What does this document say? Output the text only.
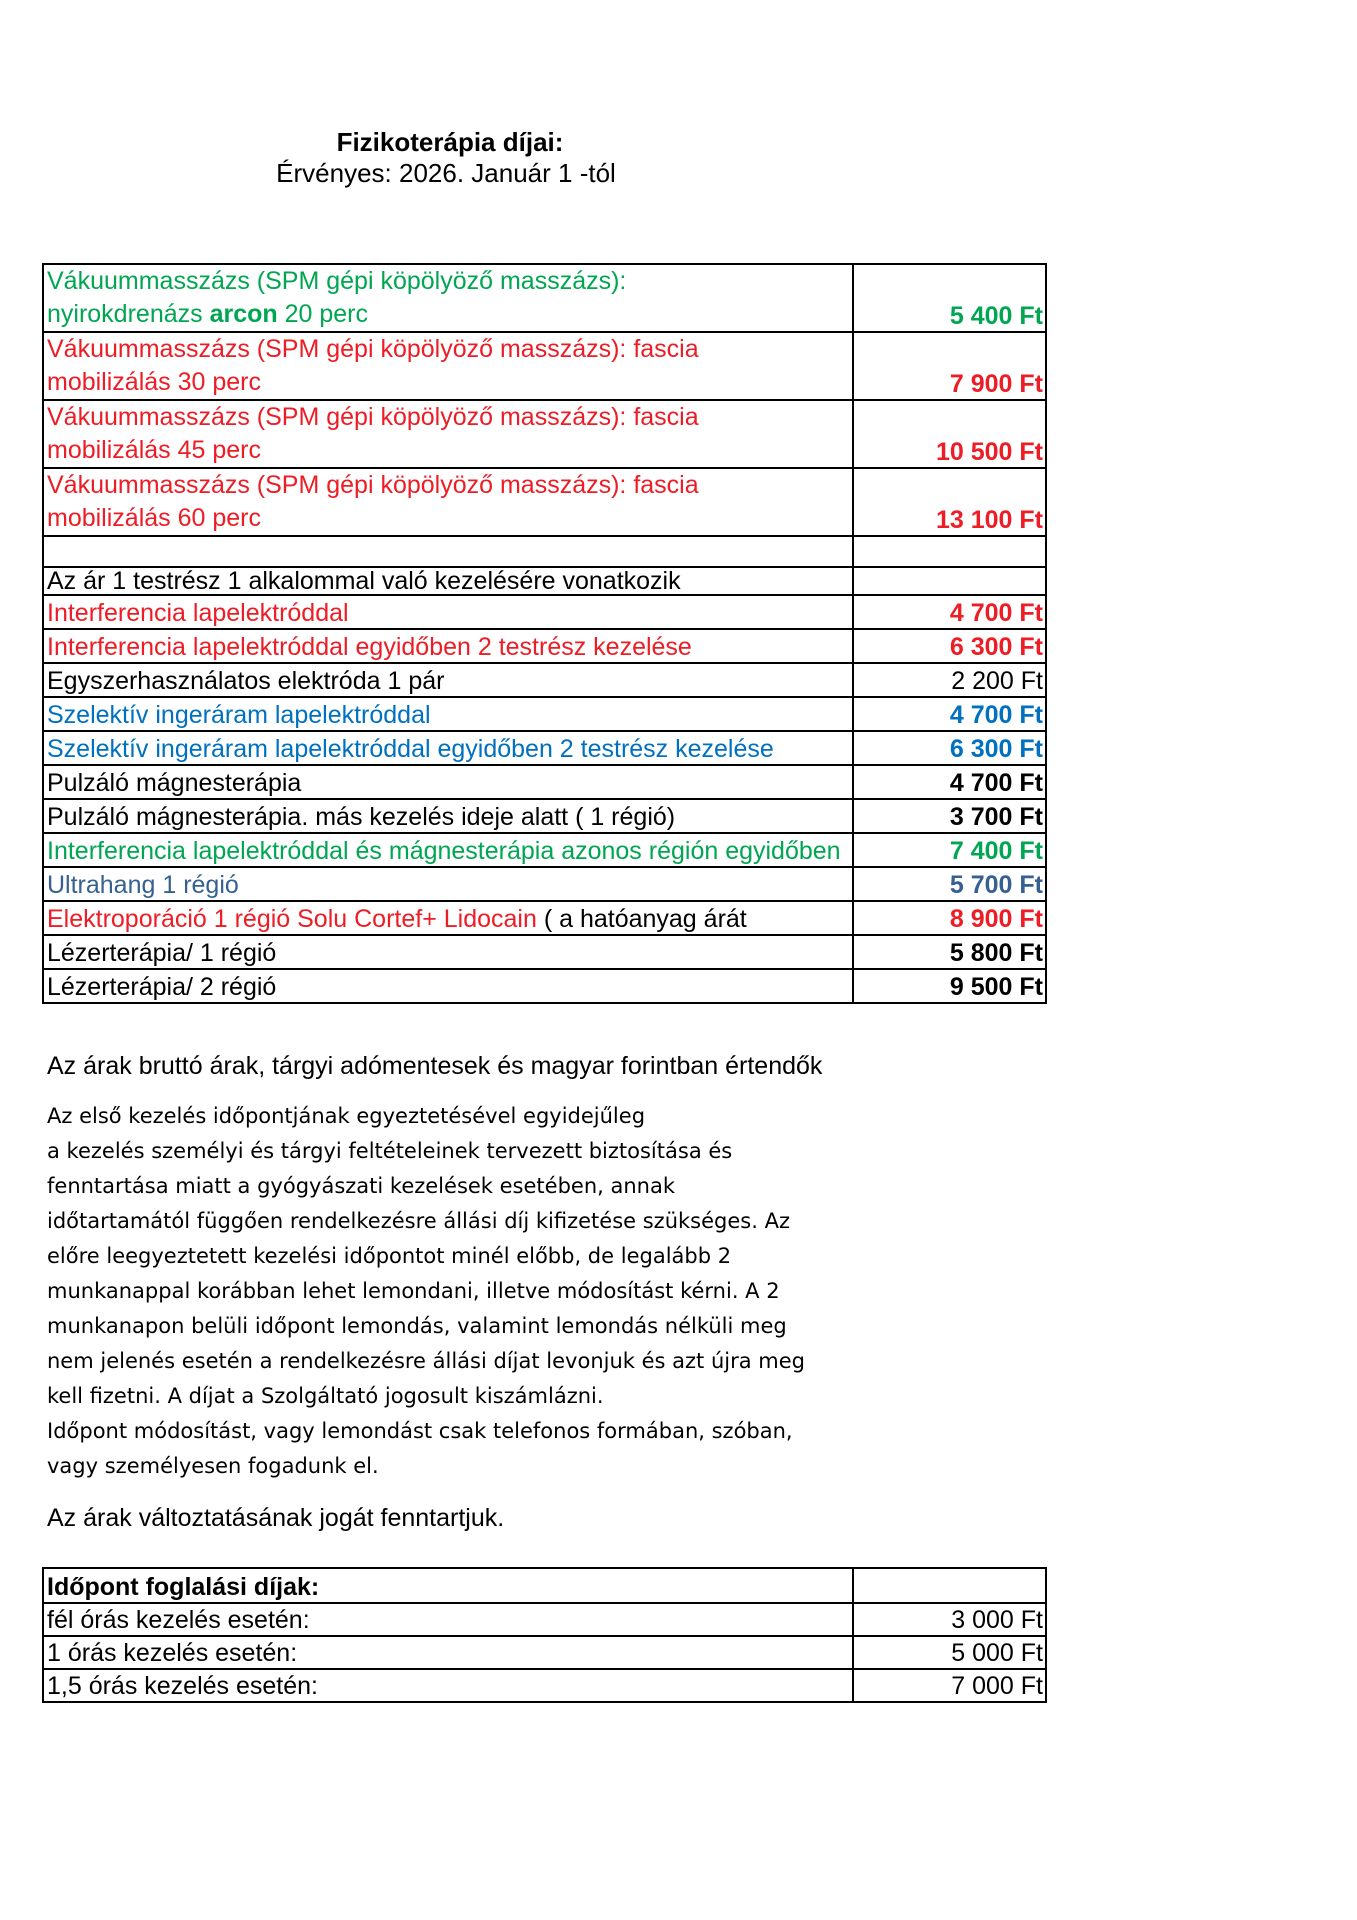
Fizikoterápia díjai:
Érvényes: 2026. Január 1 -tól
Vákuummasszázs (SPM gépi köpölyöző masszázs):
nyirokdrenázs arcon 20 perc	5 400 Ft
Vákuummasszázs (SPM gépi köpölyöző masszázs): fascia
mobilizálás 30 perc	7 900 Ft
Vákuummasszázs (SPM gépi köpölyöző masszázs): fascia
mobilizálás 45 perc	10 500 Ft
Vákuummasszázs (SPM gépi köpölyöző masszázs): fascia
mobilizálás 60 perc	13 100 Ft

Az ár 1 testrész 1 alkalommal való kezelésére vonatkozik	
Interferencia lapelektróddal	4 700 Ft
Interferencia lapelektróddal egyidőben 2 testrész kezelése	6 300 Ft
Egyszerhasználatos elektróda 1 pár	2 200 Ft
Szelektív ingeráram lapelektróddal	4 700 Ft
Szelektív ingeráram lapelektróddal egyidőben 2 testrész kezelése	6 300 Ft
Pulzáló mágnesterápia	4 700 Ft
Pulzáló mágnesterápia. más kezelés ideje alatt ( 1 régió)	3 700 Ft
Interferencia lapelektróddal és mágnesterápia azonos régión egyidőben	7 400 Ft
Ultrahang 1 régió	5 700 Ft
Elektroporáció 1 régió Solu Cortef+ Lidocain ( a hatóanyag árát	8 900 Ft
Lézerterápia/ 1 régió	5 800 Ft
Lézerterápia/ 2 régió	9 500 Ft
Az árak bruttó árak, tárgyi adómentesek és magyar forintban értendők
Az első kezelés időpontjának egyeztetésével egyidejűleg
a kezelés személyi és tárgyi feltételeinek tervezett biztosítása és
fenntartása miatt a gyógyászati kezelések esetében, annak
időtartamától függően rendelkezésre állási díj kifizetése szükséges. Az
előre leegyeztetett kezelési időpontot minél előbb, de legalább 2
munkanappal korábban lehet lemondani, illetve módosítást kérni. A 2
munkanapon belüli időpont lemondás, valamint lemondás nélküli meg
nem jelenés esetén a rendelkezésre állási díjat levonjuk és azt újra meg
kell fizetni. A díjat a Szolgáltató jogosult kiszámlázni.
Időpont módosítást, vagy lemondást csak telefonos formában, szóban,
vagy személyesen fogadunk el.
Az árak változtatásának jogát fenntartjuk.
Időpont foglalási díjak:	
fél órás kezelés esetén:	3 000 Ft
1 órás kezelés esetén:	5 000 Ft
1,5 órás kezelés esetén:	7 000 Ft
